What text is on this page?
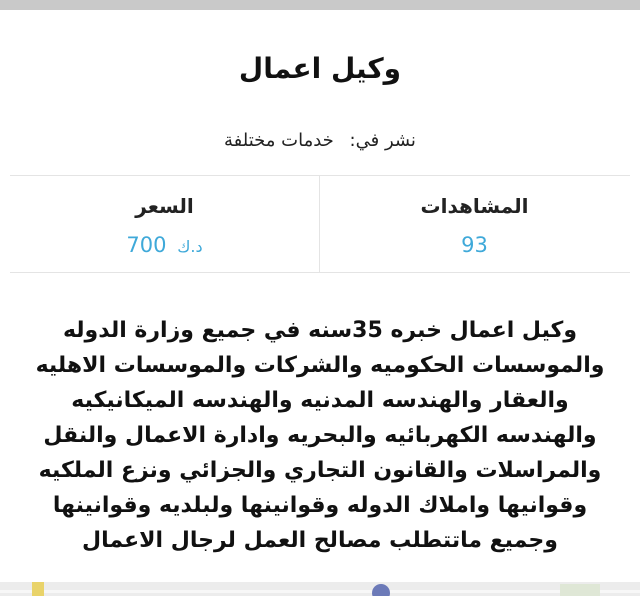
وكيل اعمال
نشر في: خدمات مختلفة
المشاهدات
93
السعر
700 د.ك
وكيل اعمال خبره 35سنه في جميع وزارة الدوله والموسسات الحكوميه والشركات والموسسات الاهليه والعقار والهندسه المدنيه والهندسه الميكانيكيه والهندسه الكهربائيه والبحريه وادارة الاعمال والنقل والمراسلات والقانون التجاري والجزائي ونزع الملكيه وقوانيها واملاك الدوله وقوانينها ولبلديه وقوانينها وجميع ماتتطلب مصالح العمل لرجال الاعمال
